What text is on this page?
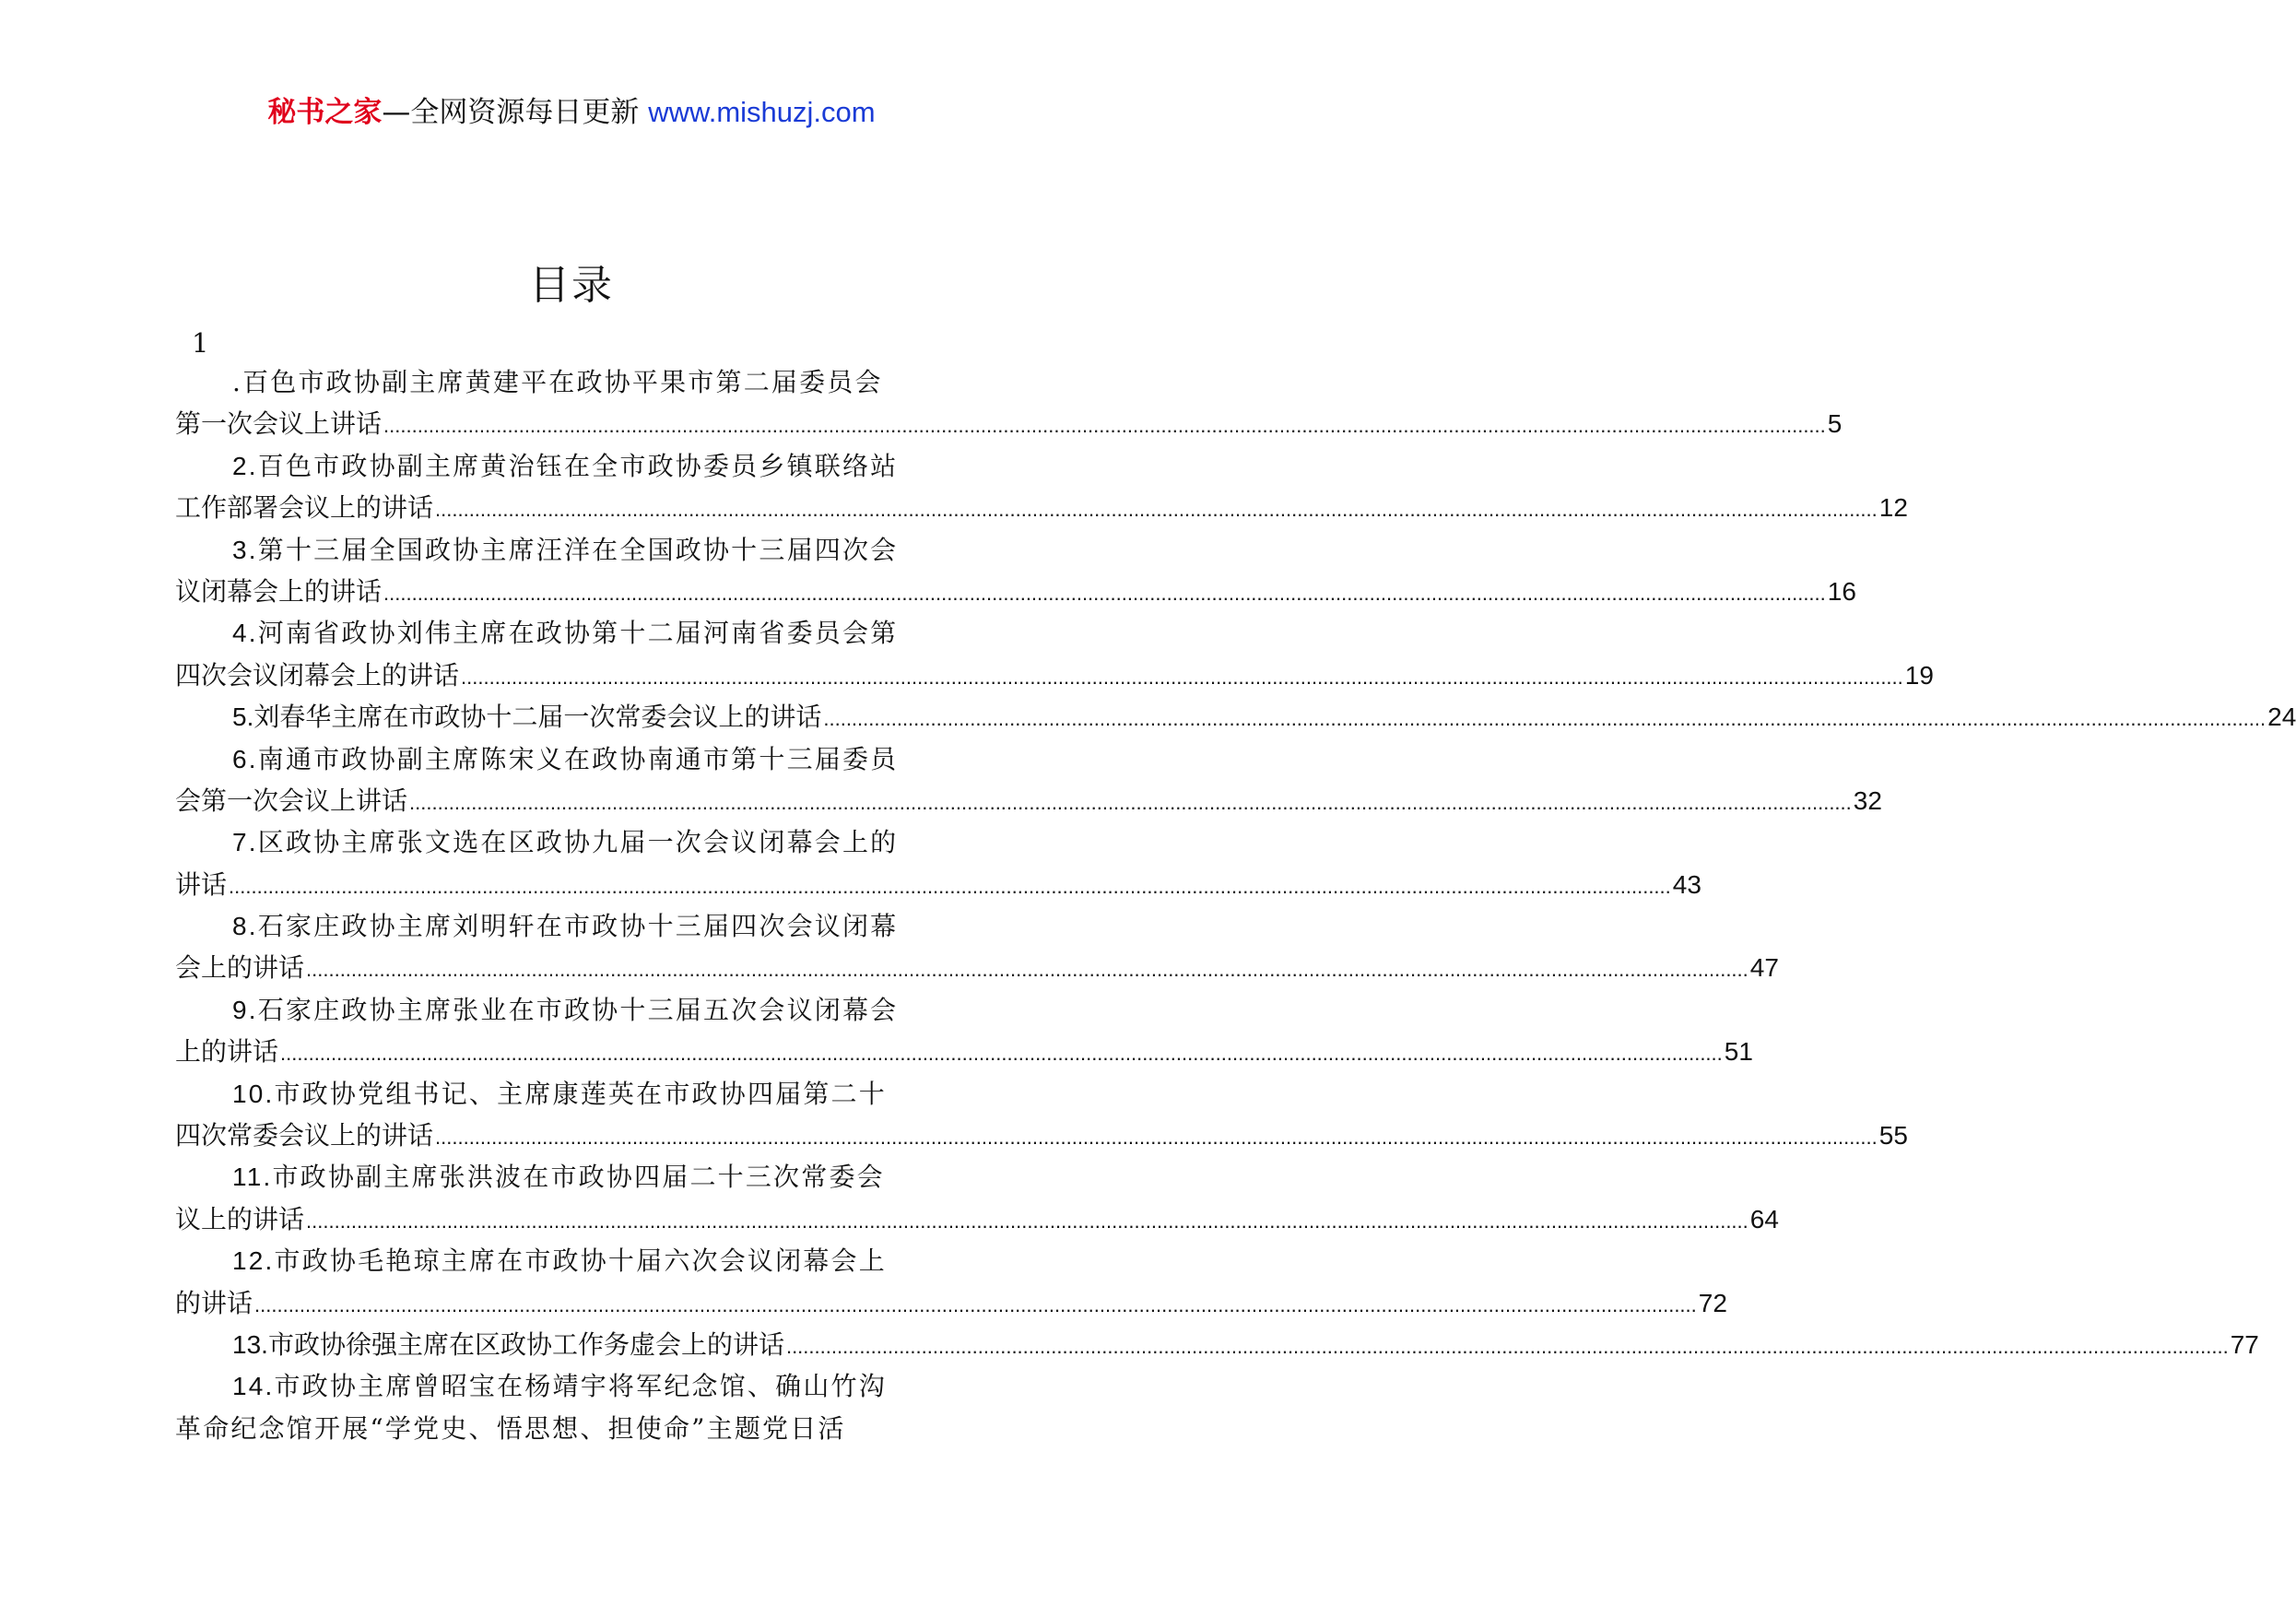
秘书之家—全网资源每日更新 www.mishuzj.com
目录
1
.百色市政协副主席黄建平在政协平果市第二届委员会
第一次会议上讲话 .....	5
2. 百色市政协副主席黄治钰在全市政协委员乡镇联络站
工作部署会议上的讲话 .....	12
3. 第十三届全国政协主席汪洋在全国政协十三届四次会
议闭幕会上的讲话 .....	16
4. 河南省政协刘伟主席在政协第十二届河南省委员会第
四次会议闭幕会上的讲话 .....	19
5. 刘春华主席在市政协十二届一次常委会议上的讲话 .....	24
6. 南通市政协副主席陈宋义在政协南通市第十三届委员
会第一次会议上讲话 .....	32
7. 区政协主席张文选在区政协九届一次会议闭幕会上的
讲话 .....	43
8. 石家庄政协主席刘明轩在市政协十三届四次会议闭幕
会上的讲话 .....	47
9. 石家庄政协主席张业在市政协十三届五次会议闭幕会
上的讲话 .....	51
10. 市政协党组书记、主席康莲英在市政协四届第二十
四次常委会议上的讲话 .....	55
11. 市政协副主席张洪波在市政协四届二十三次常委会
议上的讲话 .....	64
12. 市政协毛艳琼主席在市政协十届六次会议闭幕会上
的讲话 .....	72
13. 市政协徐强主席在区政协工作务虚会上的讲话 .....	77
14. 市政协主席曾昭宝在杨靖宇将军纪念馆、确山竹沟
革命纪念馆开展“学党史、悟思想、担使命”主题党日活
